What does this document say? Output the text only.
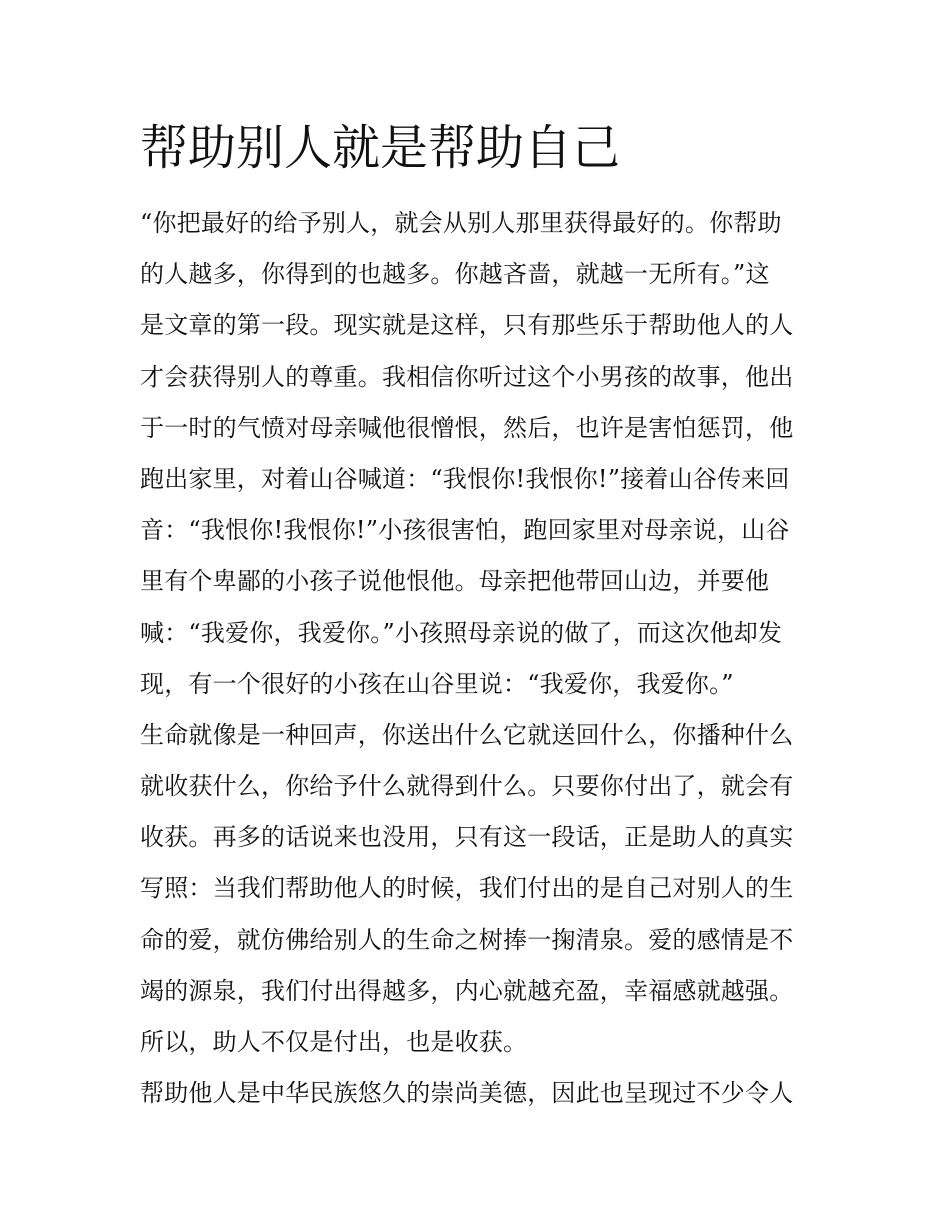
帮助别人就是帮助自己
“你把最好的给予别人，就会从别人那里获得最好的。你帮助
的人越多，你得到的也越多。你越吝啬，就越一无所有。”这
是文章的第一段。现实就是这样，只有那些乐于帮助他人的人
才会获得别人的尊重。我相信你听过这个小男孩的故事，他出
于一时的气愤对母亲喊他很憎恨，然后，也许是害怕惩罚，他
跑出家里，对着山谷喊道：“我恨你!我恨你!”接着山谷传来回
音：“我恨你!我恨你!”小孩很害怕，跑回家里对母亲说，山谷
里有个卑鄙的小孩子说他恨他。母亲把他带回山边，并要他
喊：“我爱你，我爱你。”小孩照母亲说的做了，而这次他却发
现，有一个很好的小孩在山谷里说：“我爱你，我爱你。”
生命就像是一种回声，你送出什么它就送回什么，你播种什么
就收获什么，你给予什么就得到什么。只要你付出了，就会有
收获。再多的话说来也没用，只有这一段话，正是助人的真实
写照：当我们帮助他人的时候，我们付出的是自己对别人的生
命的爱，就仿佛给别人的生命之树捧一掬清泉。爱的感情是不
竭的源泉，我们付出得越多，内心就越充盈，幸福感就越强。
所以，助人不仅是付出，也是收获。
帮助他人是中华民族悠久的崇尚美德，因此也呈现过不少令人
